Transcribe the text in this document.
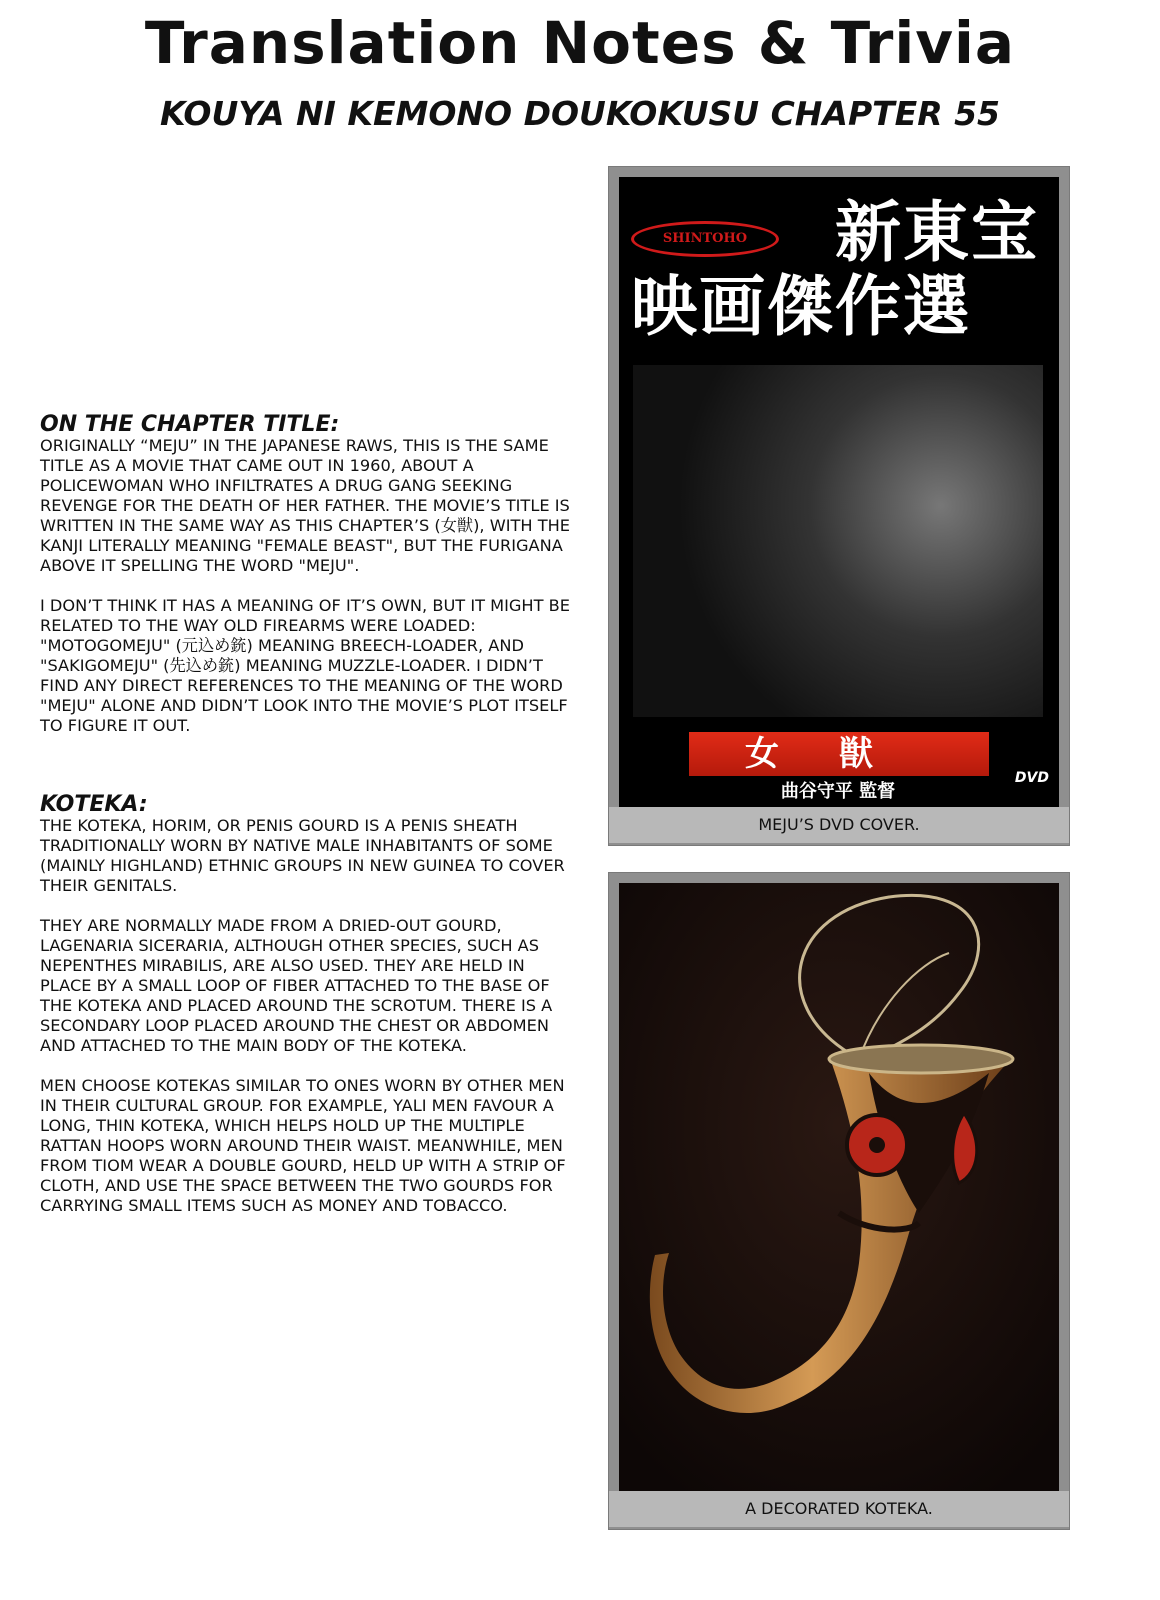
Translation Notes & Trivia
KOUYA NI KEMONO DOUKOKUSU CHAPTER 55
ON THE CHAPTER TITLE:

ORIGINALLY “MEJU” IN THE JAPANESE RAWS, THIS IS THE SAME TITLE AS A MOVIE THAT CAME OUT IN 1960, ABOUT A POLICEWOMAN WHO INFILTRATES A DRUG GANG SEEKING REVENGE FOR THE DEATH OF HER FATHER. THE MOVIE’S TITLE IS WRITTEN IN THE SAME WAY AS THIS CHAPTER’S (女獣), WITH THE KANJI LITERALLY MEANING "FEMALE BEAST", BUT THE FURIGANA ABOVE IT SPELLING THE WORD "MEJU".

I DON’T THINK IT HAS A MEANING OF IT’S OWN, BUT IT MIGHT BE RELATED TO THE WAY OLD FIREARMS WERE LOADED: "MOTOGOMEJU" (元込め銃) MEANING BREECH-LOADER, AND "SAKIGOMEJU" (先込め銃) MEANING MUZZLE-LOADER. I DIDN’T FIND ANY DIRECT REFERENCES TO THE MEANING OF THE WORD "MEJU" ALONE AND DIDN’T LOOK INTO THE MOVIE’S PLOT ITSELF TO FIGURE IT OUT.

KOTEKA:

THE KOTEKA, HORIM, OR PENIS GOURD IS A PENIS SHEATH TRADITIONALLY WORN BY NATIVE MALE INHABITANTS OF SOME (MAINLY HIGHLAND) ETHNIC GROUPS IN NEW GUINEA TO COVER THEIR GENITALS.

THEY ARE NORMALLY MADE FROM A DRIED-OUT GOURD, LAGENARIA SICERARIA, ALTHOUGH OTHER SPECIES, SUCH AS NEPENTHES MIRABILIS, ARE ALSO USED. THEY ARE HELD IN PLACE BY A SMALL LOOP OF FIBER ATTACHED TO THE BASE OF THE KOTEKA AND PLACED AROUND THE SCROTUM. THERE IS A SECONDARY LOOP PLACED AROUND THE CHEST OR ABDOMEN AND ATTACHED TO THE MAIN BODY OF THE KOTEKA.

MEN CHOOSE KOTEKAS SIMILAR TO ONES WORN BY OTHER MEN IN THEIR CULTURAL GROUP. FOR EXAMPLE, YALI MEN FAVOUR A LONG, THIN KOTEKA, WHICH HELPS HOLD UP THE MULTIPLE RATTAN HOOPS WORN AROUND THEIR WAIST. MEANWHILE, MEN FROM TIOM WEAR A DOUBLE GOURD, HELD UP WITH A STRIP OF CLOTH, AND USE THE SPACE BETWEEN THE TWO GOURDS FOR CARRYING SMALL ITEMS SUCH AS MONEY AND TOBACCO.

SHINTOHO	新東宝
映画傑作選
女獣
曲谷守平 監督
DVD
MEJU’S DVD COVER.
A DECORATED KOTEKA.
